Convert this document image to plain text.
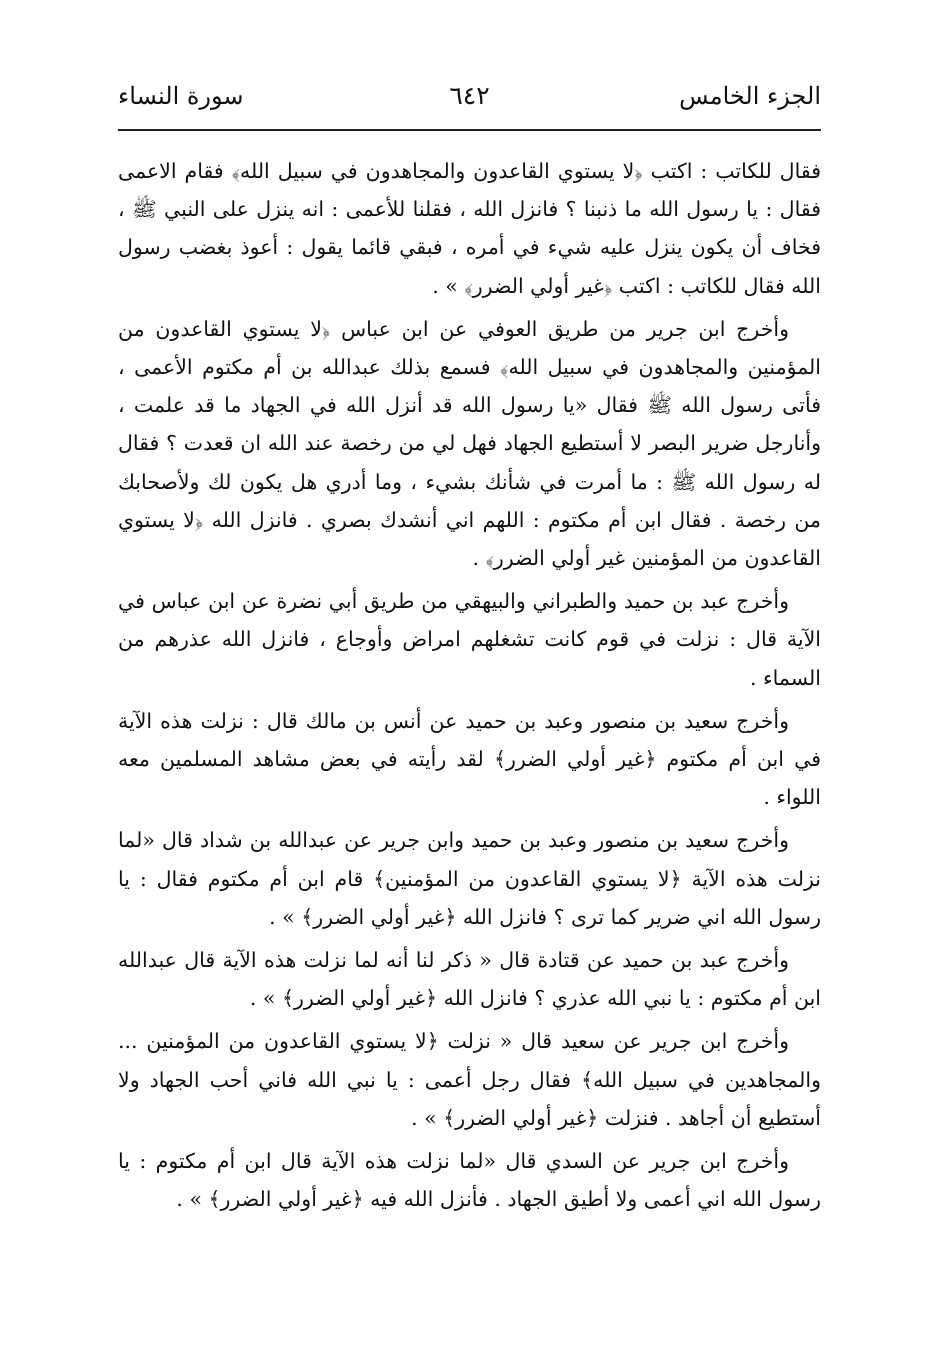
الجزء الخامس
٦٤٢
سورة النساء

فقال للكاتب : اكتب ﴿لا يستوي القاعدون والمجاهدون في سبيل الله﴾ فقام الاعمى فقال : يا رسول الله ما ذنبنا ؟ فانزل الله ، فقلنا للأعمى : انه ينزل على النبي ﷺ ، فخاف أن يكون ينزل عليه شيء في أمره ، فبقي قائما يقول : أعوذ بغضب رسول الله فقال للكاتب : اكتب ﴿غير أولي الضرر﴾ » .

وأخرج ابن جرير من طريق العوفي عن ابن عباس ﴿لا يستوي القاعدون من المؤمنين والمجاهدون في سبيل الله﴾ فسمع بذلك عبدالله بن أم مكتوم الأعمى ، فأتى رسول الله ﷺ فقال «يا رسول الله قد أنزل الله في الجهاد ما قد علمت ، وأنارجل ضرير البصر لا أستطيع الجهاد فهل لي من رخصة عند الله ان قعدت ؟ فقال له رسول الله ﷺ : ما أمرت في شأنك بشيء ، وما أدري هل يكون لك ولأصحابك من رخصة . فقال ابن أم مكتوم : اللهم اني أنشدك بصري . فانزل الله ﴿لا يستوي القاعدون من المؤمنين غير أولي الضرر﴾ .

وأخرج عبد بن حميد والطبراني والبيهقي من طريق أبي نضرة عن ابن عباس في الآية قال : نزلت في قوم كانت تشغلهم امراض وأوجاع ، فانزل الله عذرهم من السماء .

وأخرج سعيد بن منصور وعبد بن حميد عن أنس بن مالك قال : نزلت هذه الآية في ابن أم مكتوم ﴿غير أولي الضرر﴾ لقد رأيته في بعض مشاهد المسلمين معه اللواء .

وأخرج سعيد بن منصور وعبد بن حميد وابن جرير عن عبدالله بن شداد قال «لما نزلت هذه الآية ﴿لا يستوي القاعدون من المؤمنين﴾ قام ابن أم مكتوم فقال : يا رسول الله اني ضرير كما ترى ؟ فانزل الله ﴿غير أولي الضرر﴾ » .

وأخرج عبد بن حميد عن قتادة قال « ذكر لنا أنه لما نزلت هذه الآية قال عبدالله ابن أم مكتوم : يا نبي الله عذري ؟ فانزل الله ﴿غير أولي الضرر﴾ » .

وأخرج ابن جرير عن سعيد قال « نزلت ﴿لا يستوي القاعدون من المؤمنين ... والمجاهدين في سبيل الله﴾ فقال رجل أعمى : يا نبي الله فاني أحب الجهاد ولا أستطيع أن أجاهد . فنزلت ﴿غير أولي الضرر﴾ » .

وأخرج ابن جرير عن السدي قال «لما نزلت هذه الآية قال ابن أم مكتوم : يا رسول الله اني أعمى ولا أطيق الجهاد . فأنزل الله فيه ﴿غير أولي الضرر﴾ » .
